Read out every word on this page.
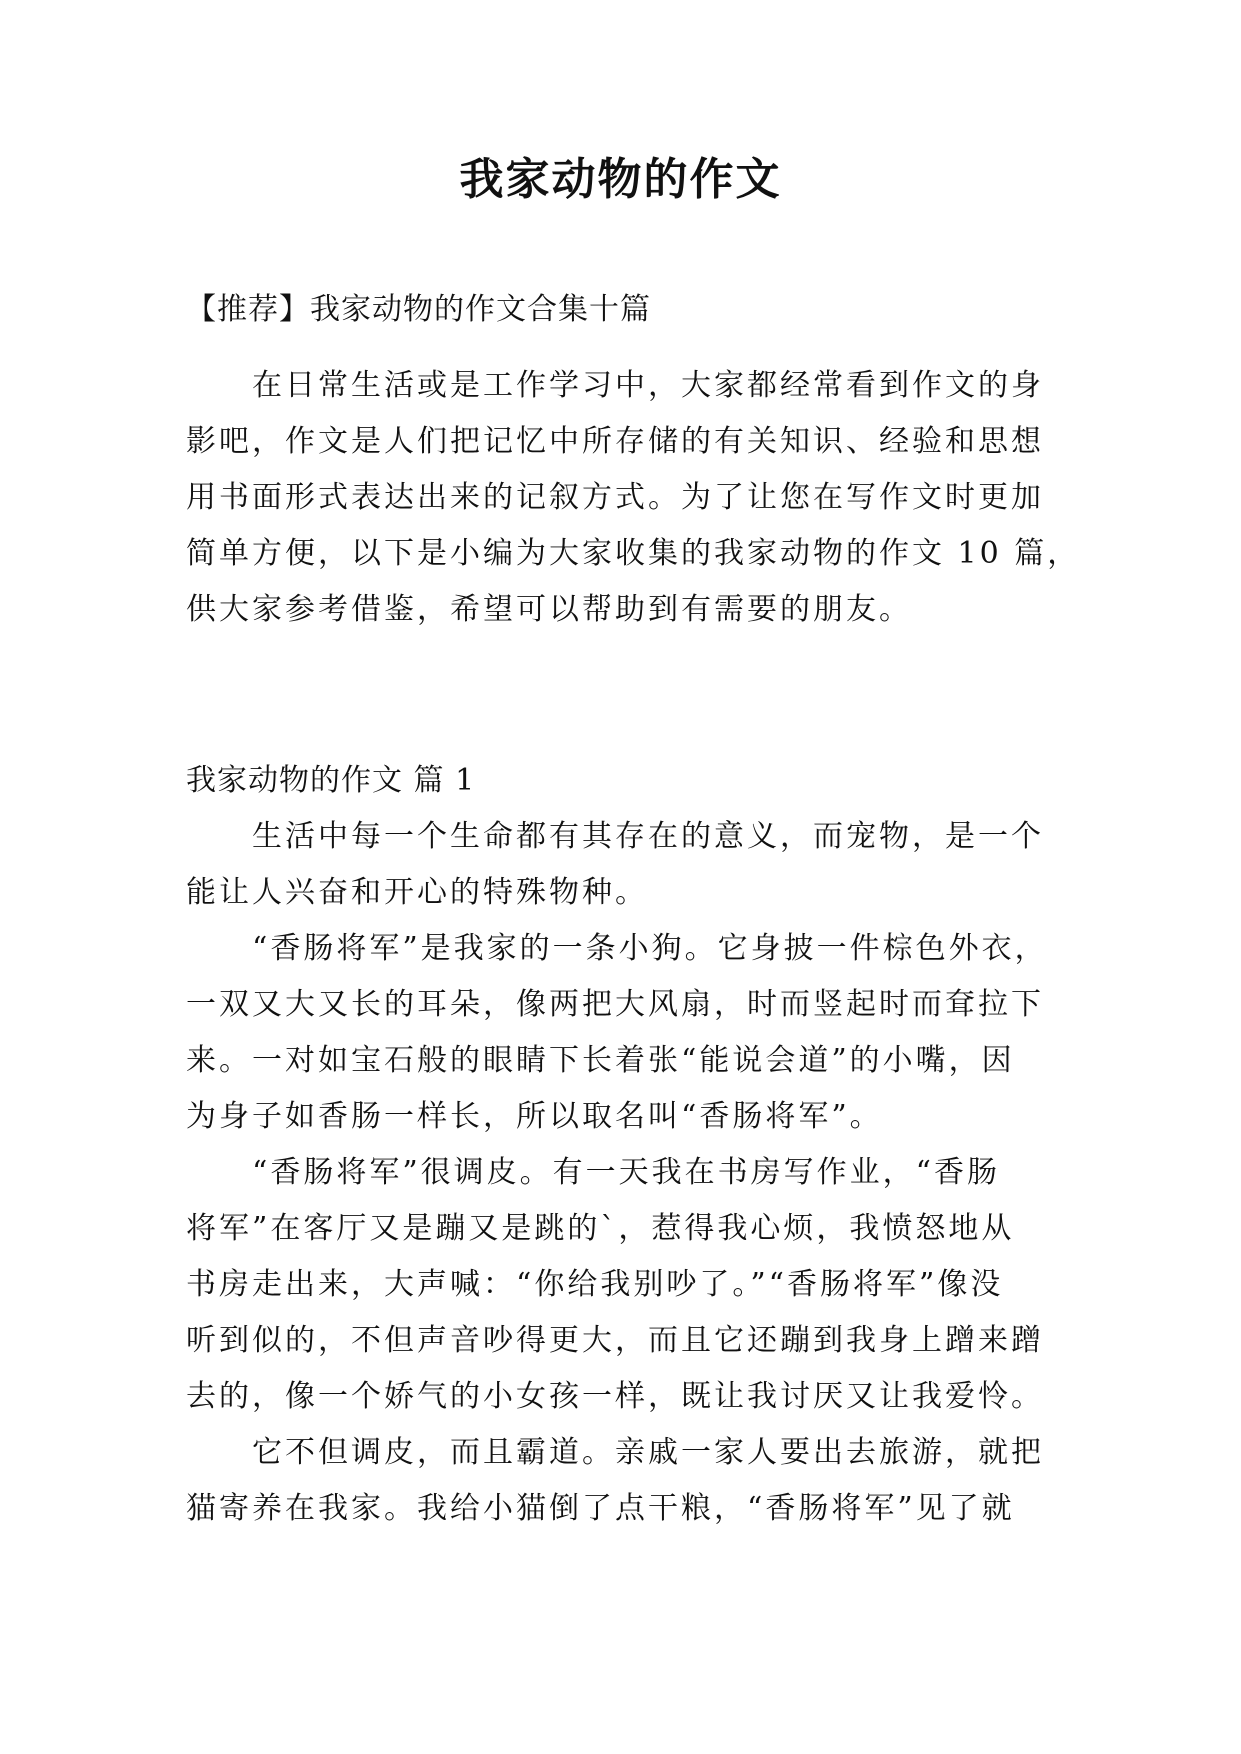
我家动物的作文
【推荐】我家动物的作文合集十篇
在日常生活或是工作学习中，大家都经常看到作文的身
影吧，作文是人们把记忆中所存储的有关知识、经验和思想
用书面形式表达出来的记叙方式。为了让您在写作文时更加
简单方便，以下是小编为大家收集的我家动物的作文 10 篇，
供大家参考借鉴，希望可以帮助到有需要的朋友。
我家动物的作文 篇 1
生活中每一个生命都有其存在的意义，而宠物，是一个
能让人兴奋和开心的特殊物种。
“香肠将军”是我家的一条小狗。它身披一件棕色外衣，
一双又大又长的耳朵，像两把大风扇，时而竖起时而耷拉下
来。一对如宝石般的眼睛下长着张“能说会道”的小嘴，因
为身子如香肠一样长，所以取名叫“香肠将军”。
“香肠将军”很调皮。有一天我在书房写作业，“香肠
将军”在客厅又是蹦又是跳的`，惹得我心烦，我愤怒地从
书房走出来，大声喊：“你给我别吵了。”“香肠将军”像没
听到似的，不但声音吵得更大，而且它还蹦到我身上蹭来蹭
去的，像一个娇气的小女孩一样，既让我讨厌又让我爱怜。
它不但调皮，而且霸道。亲戚一家人要出去旅游，就把
猫寄养在我家。我给小猫倒了点干粮，“香肠将军”见了就
